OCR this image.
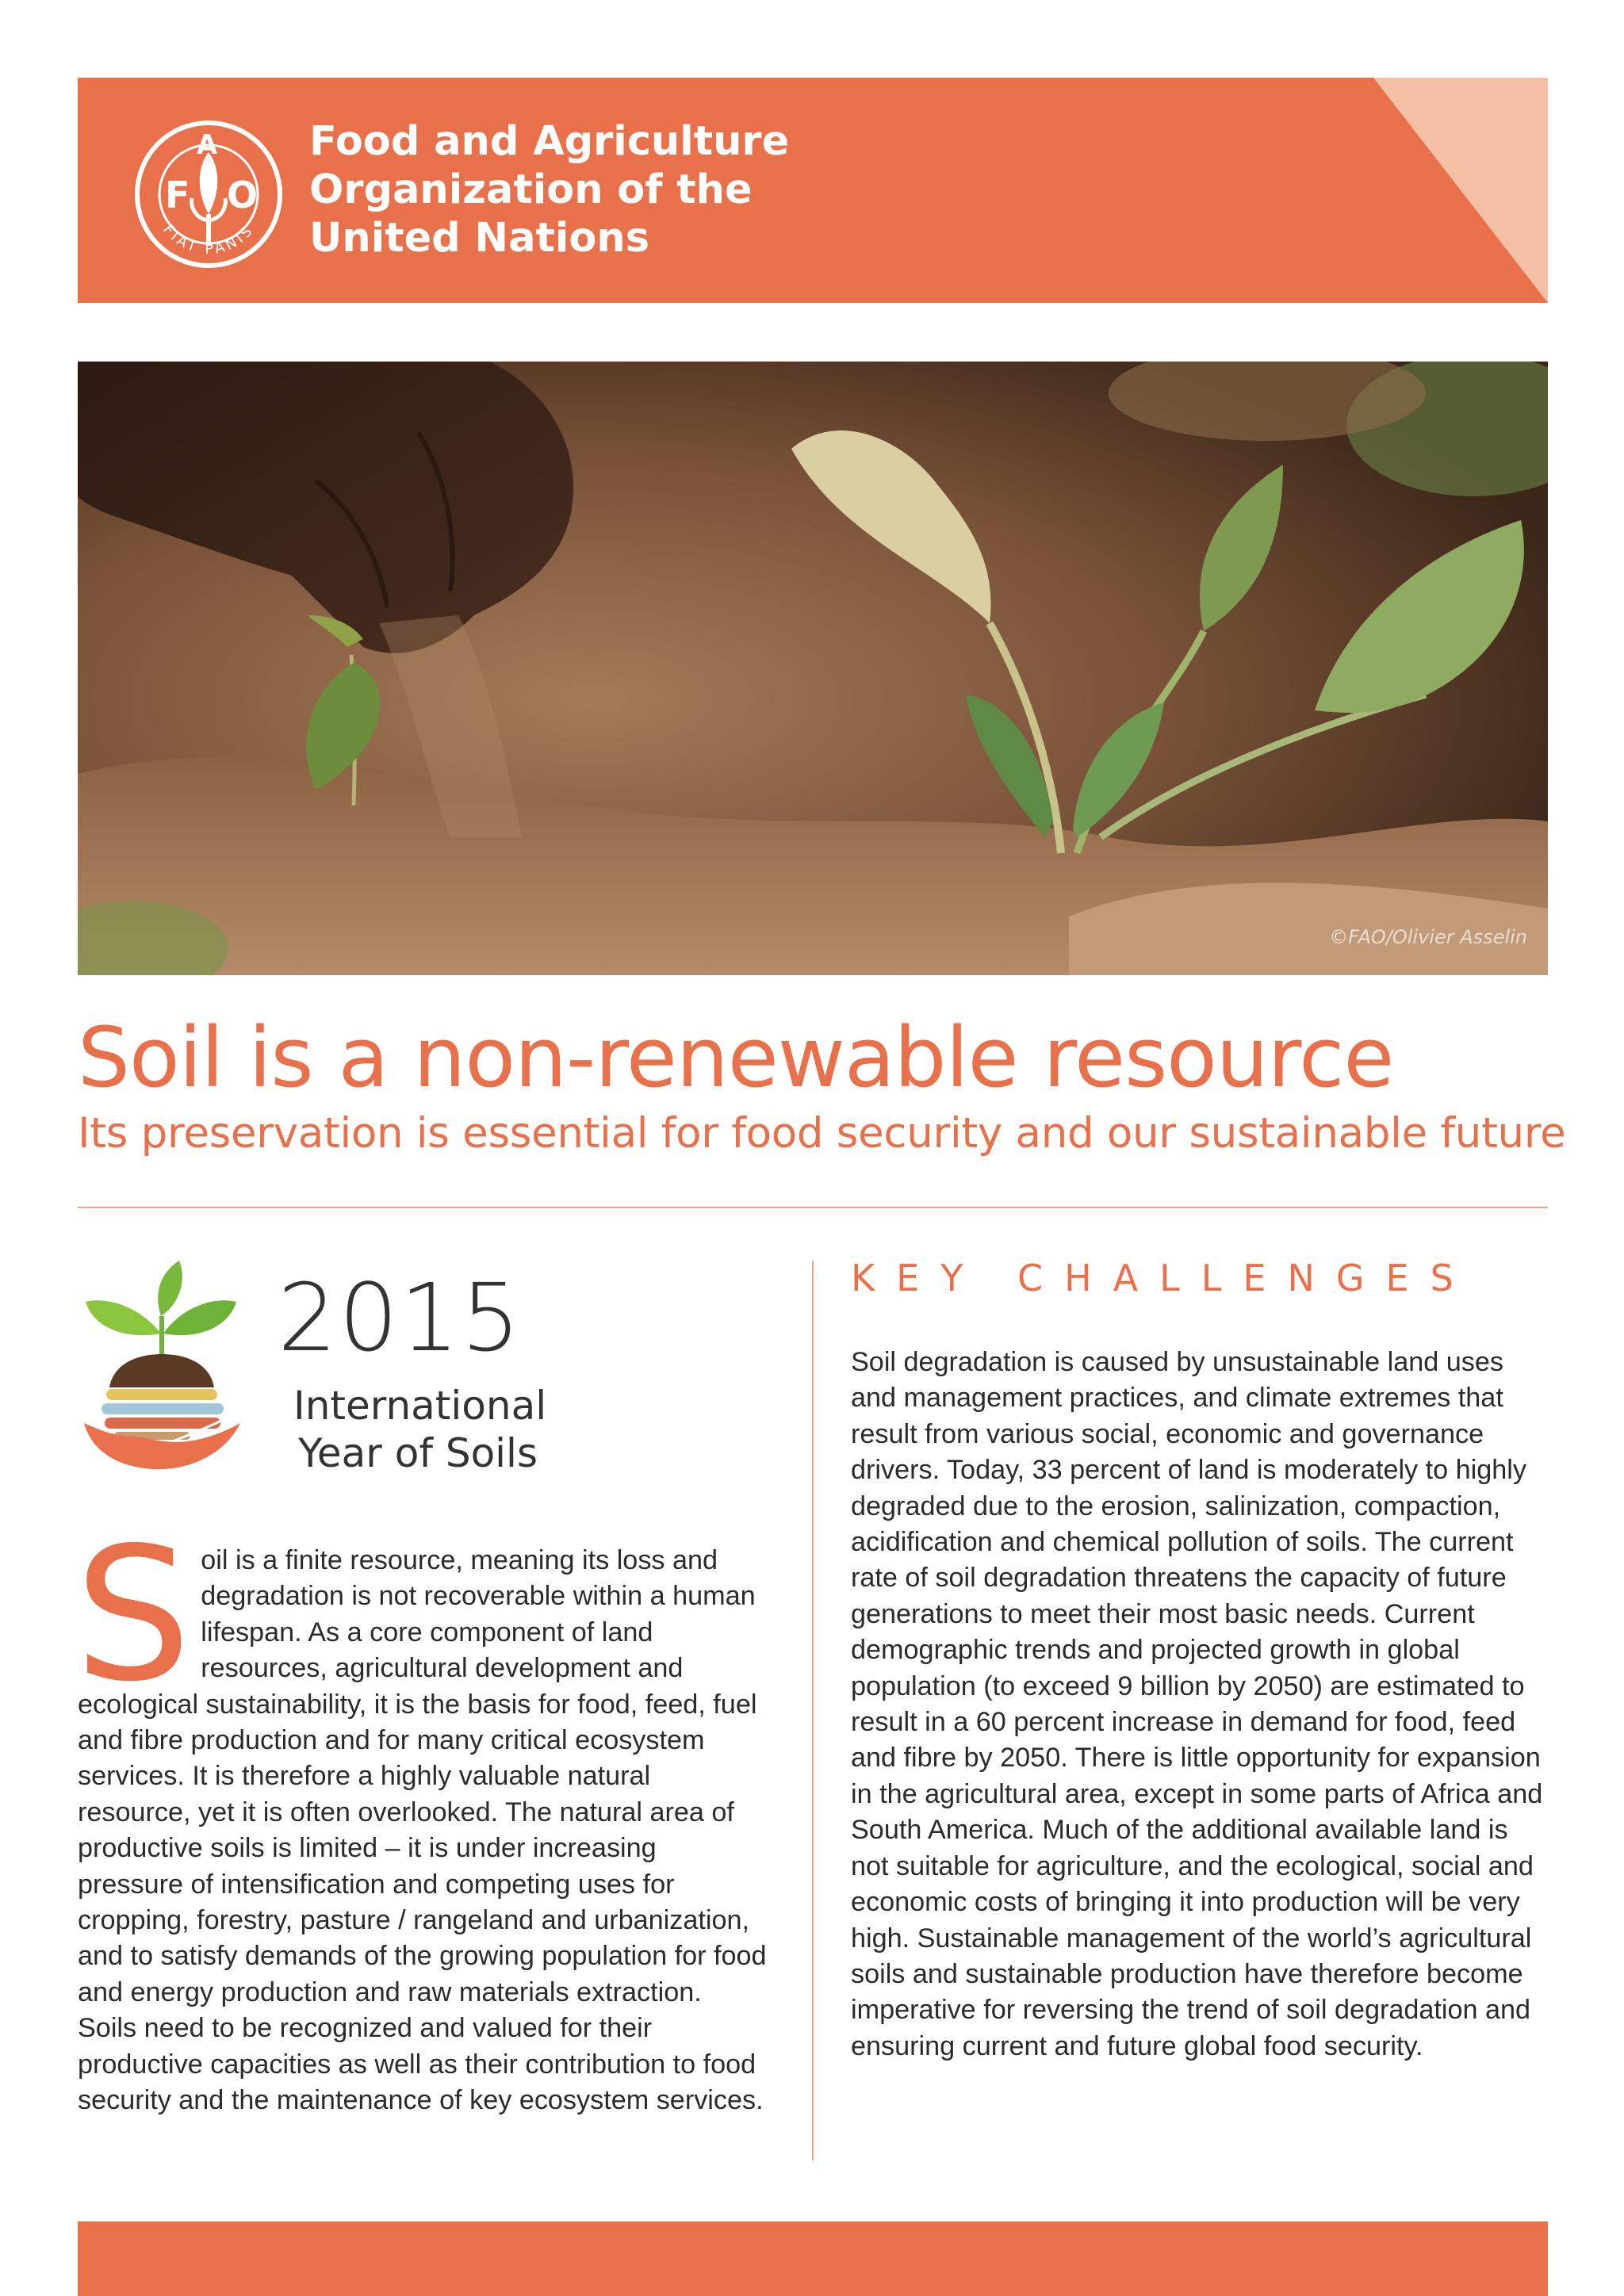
F
A
O
FIAT PANIS
Food and Agriculture
Organization of the
United Nations
©FAO/Olivier Asselin
Soil is a non-renewable resource
Its preservation is essential for food security and our sustainable future
2015
International
Year of Soils
Soil is a finite resource, meaning its loss and degradation is not recoverable within a human lifespan. As a core component of land resources, agricultural development and ecological sustainability, it is the basis for food, feed, fuel and fibre production and for many critical ecosystem services. It is therefore a highly valuable natural resource, yet it is often overlooked. The natural area of productive soils is limited – it is under increasing pressure of intensification and competing uses for cropping, forestry, pasture / rangeland and urbanization, and to satisfy demands of the growing population for food and energy production and raw materials extraction. Soils need to be recognized and valued for their productive capacities as well as their contribution to food security and the maintenance of key ecosystem services.
KEY CHALLENGES
Soil degradation is caused by unsustainable land uses and management practices, and climate extremes that result from various social, economic and governance drivers. Today, 33 percent of land is moderately to highly degraded due to the erosion, salinization, compaction, acidification and chemical pollution of soils. The current rate of soil degradation threatens the capacity of future generations to meet their most basic needs. Current demographic trends and projected growth in global population (to exceed 9 billion by 2050) are estimated to result in a 60 percent increase in demand for food, feed and fibre by 2050. There is little opportunity for expansion in the agricultural area, except in some parts of Africa and South America. Much of the additional available land is not suitable for agriculture, and the ecological, social and economic costs of bringing it into production will be very high. Sustainable management of the world’s agricultural soils and sustainable production have therefore become imperative for reversing the trend of soil degradation and ensuring current and future global food security.
